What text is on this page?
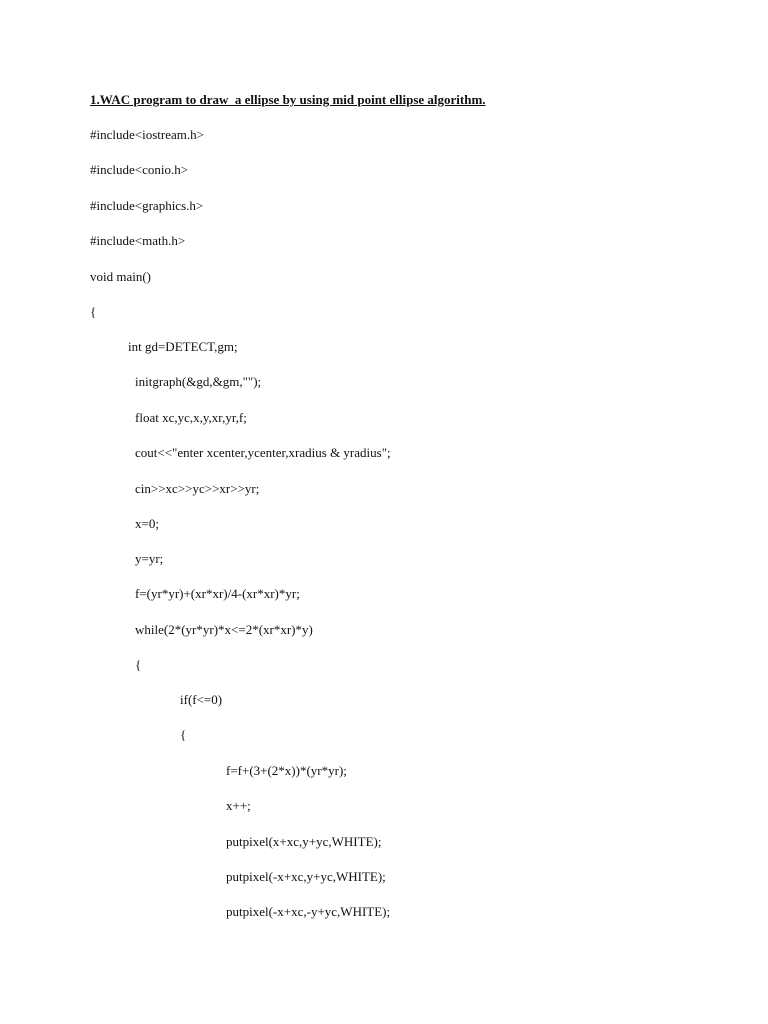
1.WAC program to draw  a ellipse by using mid point ellipse algorithm.
#include<iostream.h>
#include<conio.h>
#include<graphics.h>
#include<math.h>
void main()
{
int gd=DETECT,gm;
initgraph(&gd,&gm,"");
float xc,yc,x,y,xr,yr,f;
cout<<"enter xcenter,ycenter,xradius & yradius";
cin>>xc>>yc>>xr>>yr;
x=0;
y=yr;
f=(yr*yr)+(xr*xr)/4-(xr*xr)*yr;
while(2*(yr*yr)*x<=2*(xr*xr)*y)
{
if(f<=0)
{
f=f+(3+(2*x))*(yr*yr);
x++;
putpixel(x+xc,y+yc,WHITE);
putpixel(-x+xc,y+yc,WHITE);
putpixel(-x+xc,-y+yc,WHITE);
